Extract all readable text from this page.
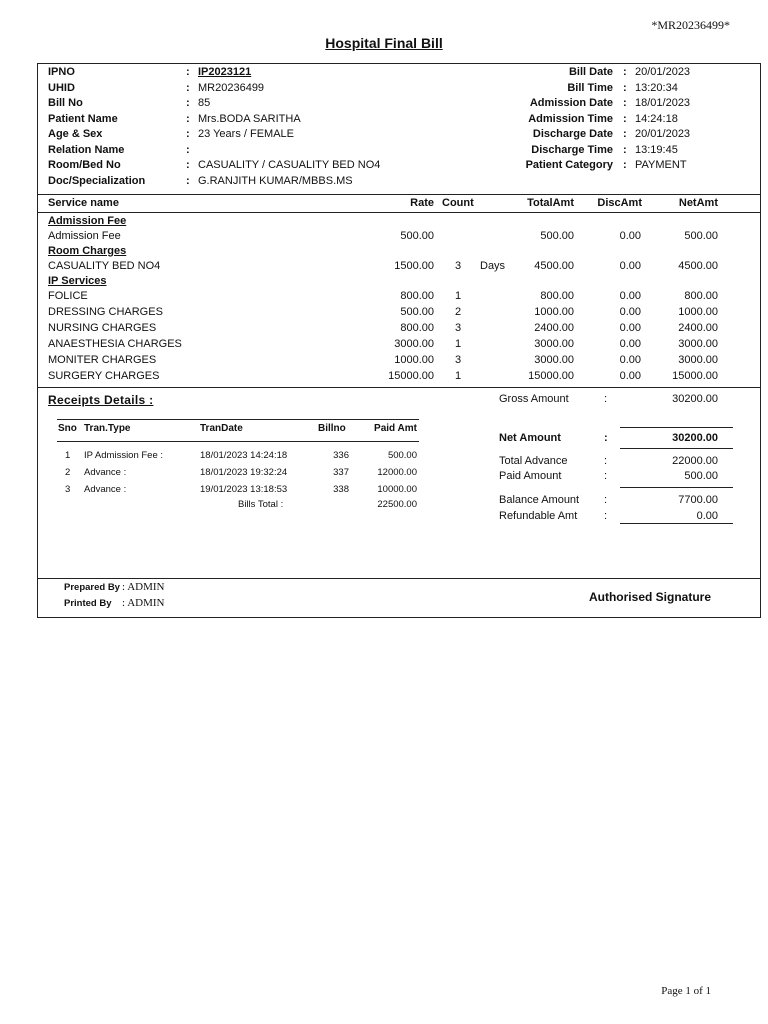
*MR20236499*
Hospital Final Bill
IPNO	: IP2023121
UHID	: MR20236499
Bill No	: 85
Patient Name	: Mrs.BODA SARITHA
Age & Sex	: 23 Years / FEMALE
Relation Name	:
Room/Bed No	: CASUALITY / CASUALITY BED NO4
Doc/Specialization	: G.RANJITH KUMAR/MBBS.MS
Bill Date : 20/01/2023
Bill Time : 13:20:34
Admission Date : 18/01/2023
Admission Time : 14:24:18
Discharge Date : 20/01/2023
Discharge Time : 13:19:45
Patient Category : PAYMENT
Service name	Rate Count	TotalAmt DiscAmt	NetAmt
Admission Fee
Admission Fee	500.00	500.00	0.00	500.00
Room Charges
CASUALITY BED NO4	1500.00 3 Days	4500.00	0.00	4500.00
IP Services
FOLICE	800.00 1	800.00	0.00	800.00
DRESSING CHARGES	500.00 2	1000.00	0.00	1000.00
NURSING CHARGES	800.00 3	2400.00	0.00	2400.00
ANAESTHESIA CHARGES	3000.00 1	3000.00	0.00	3000.00
MONITER CHARGES	1000.00 3	3000.00	0.00	3000.00
SURGERY CHARGES	15000.00 1	15000.00	0.00	15000.00
Receipts Details :
Sno Tran.Type	TranDate	Billno	Paid Amt
1 IP Admission Fee :	18/01/2023 14:24:18	336	500.00
2 Advance :	18/01/2023 19:32:24	337	12000.00
3 Advance :	19/01/2023 13:18:53	338	10000.00
Bills Total :	22500.00
Gross Amount	:	30200.00
Net Amount	:	30200.00
Total Advance	:	22000.00
Paid Amount	:	500.00
Balance Amount :	7700.00
Refundable Amt :	0.00
Prepared By : ADMIN
Printed By : ADMIN	Authorised Signature
Page 1 of 1
